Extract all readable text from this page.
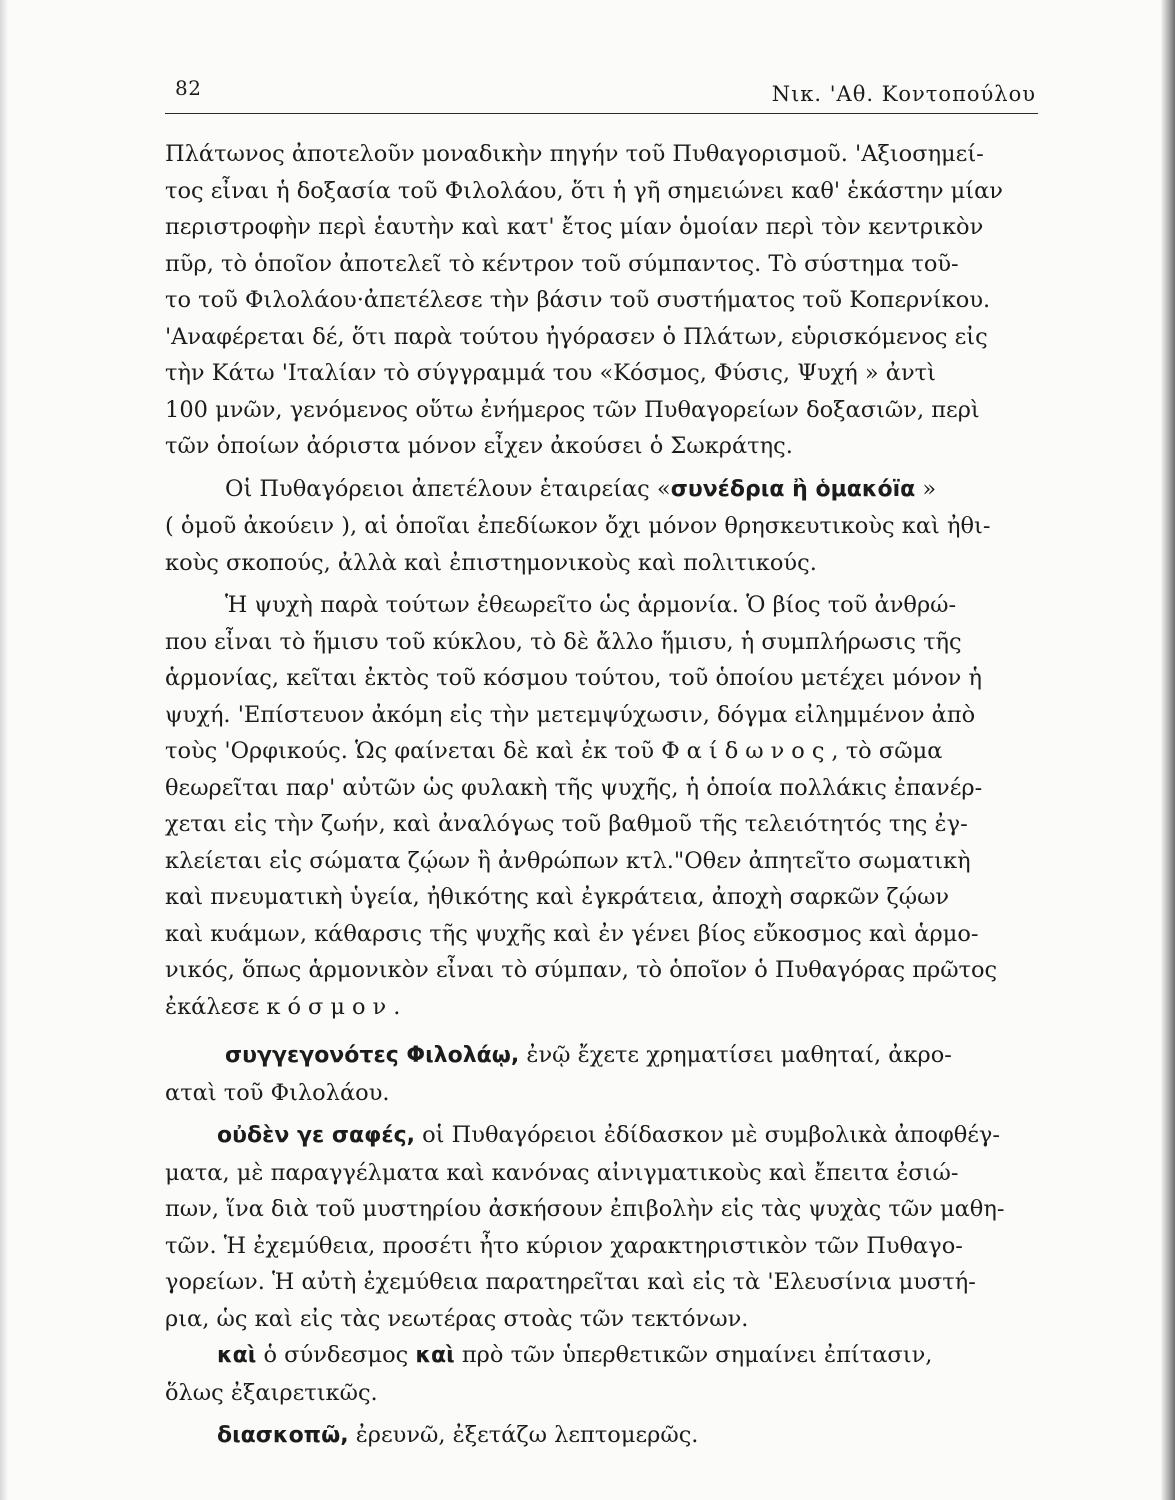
82	Νικ. 'Αθ. Κοντοπούλου

Πλάτωνος ἀποτελοῦν μοναδικὴν πηγήν τοῦ Πυθαγορισμοῦ. 'Αξιοσημεί-
τος εἶναι ἡ δοξασία τοῦ Φιλολάου, ὅτι ἡ γῆ σημειώνει καθ' ἑκάστην μίαν
περιστροφὴν περὶ ἑαυτὴν καὶ κατ' ἔτος μίαν ὁμοίαν περὶ τὸν κεντρικὸν
πῦρ, τὸ ὁποῖον ἀποτελεῖ τὸ κέντρον τοῦ σύμπαντος. Τὸ σύστημα τοῦ-
το τοῦ Φιλολάου·ἀπετέλεσε τὴν βάσιν τοῦ συστήματος τοῦ Κοπερνίκου.
'Αναφέρεται δέ, ὅτι παρὰ τούτου ἠγόρασεν ὁ Πλάτων, εὑρισκόμενος εἰς
τὴν Κάτω 'Ιταλίαν τὸ σύγγραμμά του «Κόσμος, Φύσις, Ψυχή » ἀντὶ
100 μνῶν, γενόμενος οὕτω ἐνήμερος τῶν Πυθαγορείων δοξασιῶν, περὶ
τῶν ὁποίων ἀόριστα μόνον εἶχεν ἀκούσει ὁ Σωκράτης.

Οἱ Πυθαγόρειοι ἀπετέλουν ἑταιρείας «συνέδρια ἢ ὁμακόïα »
( ὁμοῦ ἀκούειν ), αἱ ὁποῖαι ἐπεδίωκον ὄχι μόνον θρησκευτικοὺς καὶ ἠθι-
κοὺς σκοπούς, ἀλλὰ καὶ ἐπιστημονικοὺς καὶ πολιτικούς.

Ἡ ψυχὴ παρὰ τούτων ἐθεωρεῖτο ὡς ἁρμονία. Ὁ βίος τοῦ ἀνθρώ-
που εἶναι τὸ ἥμισυ τοῦ κύκλου, τὸ δὲ ἄλλο ἥμισυ, ἡ συμπλήρωσις τῆς
ἁρμονίας, κεῖται ἐκτὸς τοῦ κόσμου τούτου, τοῦ ὁποίου μετέχει μόνον ἡ
ψυχή. 'Επίστευον ἀκόμη εἰς τὴν μετεμψύχωσιν, δόγμα εἰλημμένον ἀπὸ
τοὺς 'Ορφικούς. Ὡς φαίνεται δὲ καὶ ἐκ τοῦ Φαίδωνος, τὸ σῶμα
θεωρεῖται παρ' αὐτῶν ὡς φυλακὴ τῆς ψυχῆς, ἡ ὁποία πολλάκις ἐπανέρ-
χεται εἰς τὴν ζωήν, καὶ ἀναλόγως τοῦ βαθμοῦ τῆς τελειότητός της ἐγ-
κλείεται εἰς σώματα ζῴων ἢ ἀνθρώπων κτλ."Οθεν ἀπητεῖτο σωματικὴ
καὶ πνευματικὴ ὑγεία, ἠθικότης καὶ ἐγκράτεια, ἀποχὴ σαρκῶν ζῴων
καὶ κυάμων, κάθαρσις τῆς ψυχῆς καὶ ἐν γένει βίος εὔκοσμος καὶ ἁρμο-
νικός, ὅπως ἁρμονικὸν εἶναι τὸ σύμπαν, τὸ ὁποῖον ὁ Πυθαγόρας πρῶτος
ἐκάλεσε κόσμον.

συγγεγονότες Φιλολάῳ, ἐνῷ ἔχετε χρηματίσει μαθηταί, ἀκρο-
αταὶ τοῦ Φιλολάου.

οὐδὲν γε σαφές, οἱ Πυθαγόρειοι ἐδίδασκον μὲ συμβολικὰ ἀποφθέγ-
ματα, μὲ παραγγέλματα καὶ κανόνας αἰνιγματικοὺς καὶ ἔπειτα ἐσιώ-
πων, ἵνα διὰ τοῦ μυστηρίου ἀσκήσουν ἐπιβολὴν εἰς τὰς ψυχὰς τῶν μαθη-
τῶν. Ἡ ἐχεμύθεια, προσέτι ἦτο κύριον χαρακτηριστικὸν τῶν Πυθαγο-
γορείων. Ἡ αὐτὴ ἐχεμύθεια παρατηρεῖται καὶ εἰς τὰ 'Ελευσίνια μυστή-
ρια, ὡς καὶ εἰς τὰς νεωτέρας στοὰς τῶν τεκτόνων.

καὶ ὁ σύνδεσμος καὶ πρὸ τῶν ὑπερθετικῶν σημαίνει ἐπίτασιν,
ὅλως ἐξαιρετικῶς.

διασκοπῶ, ἐρευνῶ, ἐξετάζω λεπτομερῶς.
